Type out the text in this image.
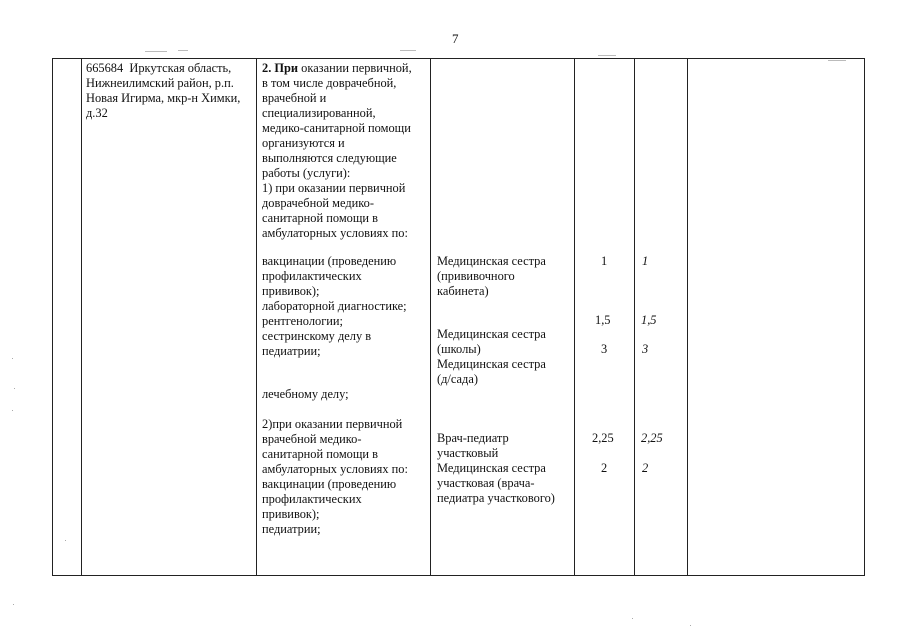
7
665684  Иркутская область,
Нижнеилимский район, р.п.
Новая Игирма, мкр-н Химки,
д.32
2. При оказании первичной,
в том числе доврачебной,
врачебной и
специализированной,
медико-санитарной помощи
организуются и
выполняются следующие
работы (услуги):
1) при оказании первичной
доврачебной медико-
санитарной помощи в
амбулаторных условиях по:
вакцинации (проведению
профилактических
прививок);
лабораторной диагностике;
рентгенологии;
сестринскому делу в
педиатрии;
лечебному делу;
2)при оказании первичной
врачебной медико-
санитарной помощи в
амбулаторных условиях по:
вакцинации (проведению
профилактических
прививок);
педиатрии;
Медицинская сестра
(прививочного
кабинета)
Медицинская сестра
(школы)
Медицинская сестра
(д/сада)
Врач-педиатр
участковый
Медицинская сестра
участковая (врача-
педиатра участкового)
1
1,5
3
2,25
2
1
1,5
3
2,25
2
